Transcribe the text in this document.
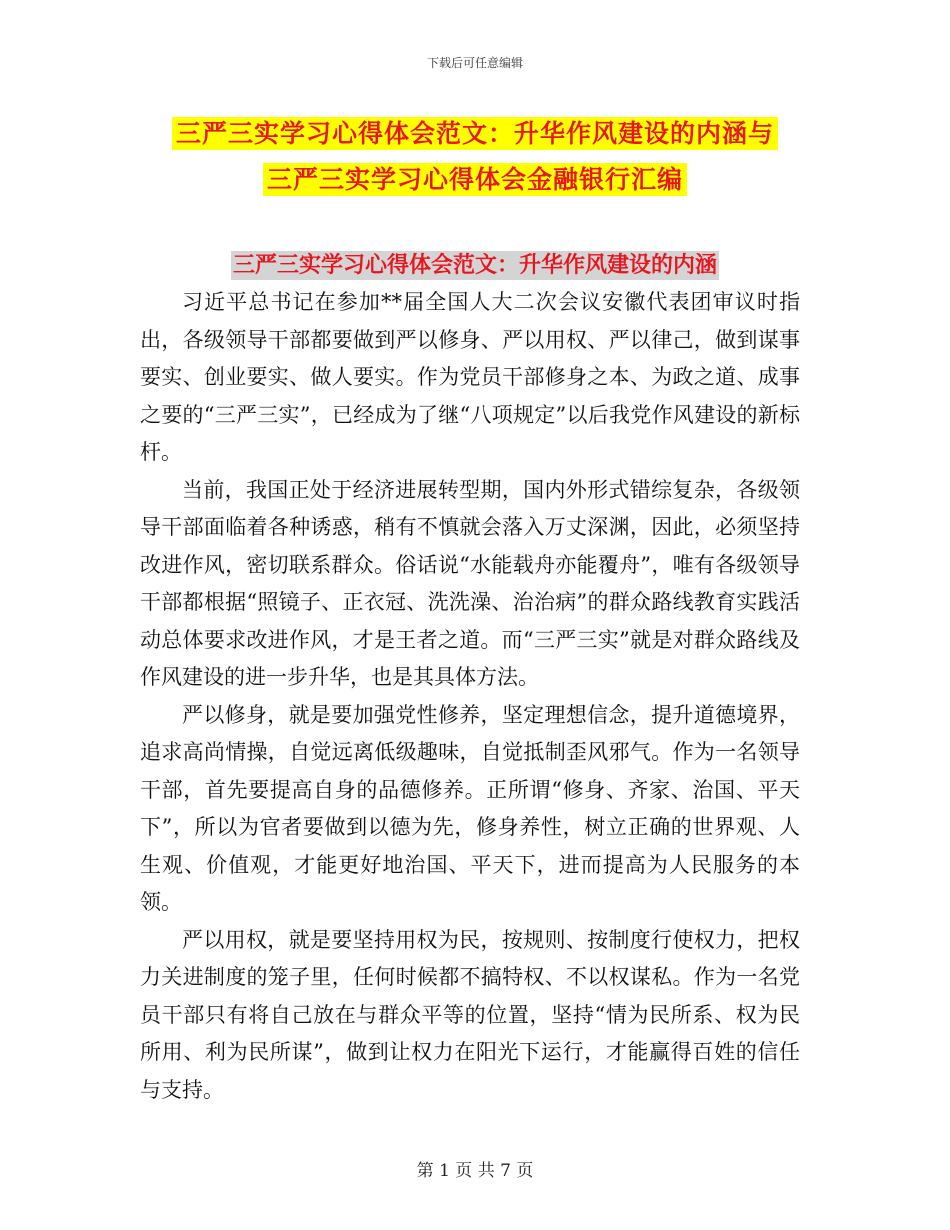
下载后可任意编辑
三严三实学习心得体会范文：升华作风建设的内涵与
三严三实学习心得体会金融银行汇编
三严三实学习心得体会范文：升华作风建设的内涵

习近平总书记在参加**届全国人大二次会议安徽代表团审议时指出，各级领导干部都要做到严以修身、严以用权、严以律己，做到谋事要实、创业要实、做人要实。作为党员干部修身之本、为政之道、成事之要的“三严三实”，已经成为了继“八项规定”以后我党作风建设的新标杆。

当前，我国正处于经济进展转型期，国内外形式错综复杂，各级领导干部面临着各种诱惑，稍有不慎就会落入万丈深渊，因此，必须坚持改进作风，密切联系群众。俗话说“水能载舟亦能覆舟”，唯有各级领导干部都根据“照镜子、正衣冠、洗洗澡、治治病”的群众路线教育实践活动总体要求改进作风，才是王者之道。而“三严三实”就是对群众路线及作风建设的进一步升华，也是其具体方法。

严以修身，就是要加强党性修养，坚定理想信念，提升道德境界，追求高尚情操，自觉远离低级趣味，自觉抵制歪风邪气。作为一名领导干部，首先要提高自身的品德修养。正所谓“修身、齐家、治国、平天下”，所以为官者要做到以德为先，修身养性，树立正确的世界观、人生观、价值观，才能更好地治国、平天下，进而提高为人民服务的本领。

严以用权，就是要坚持用权为民，按规则、按制度行使权力，把权力关进制度的笼子里，任何时候都不搞特权、不以权谋私。作为一名党员干部只有将自己放在与群众平等的位置，坚持“情为民所系、权为民所用、利为民所谋”，做到让权力在阳光下运行，才能赢得百姓的信任与支持。

第 1 页 共 7 页
